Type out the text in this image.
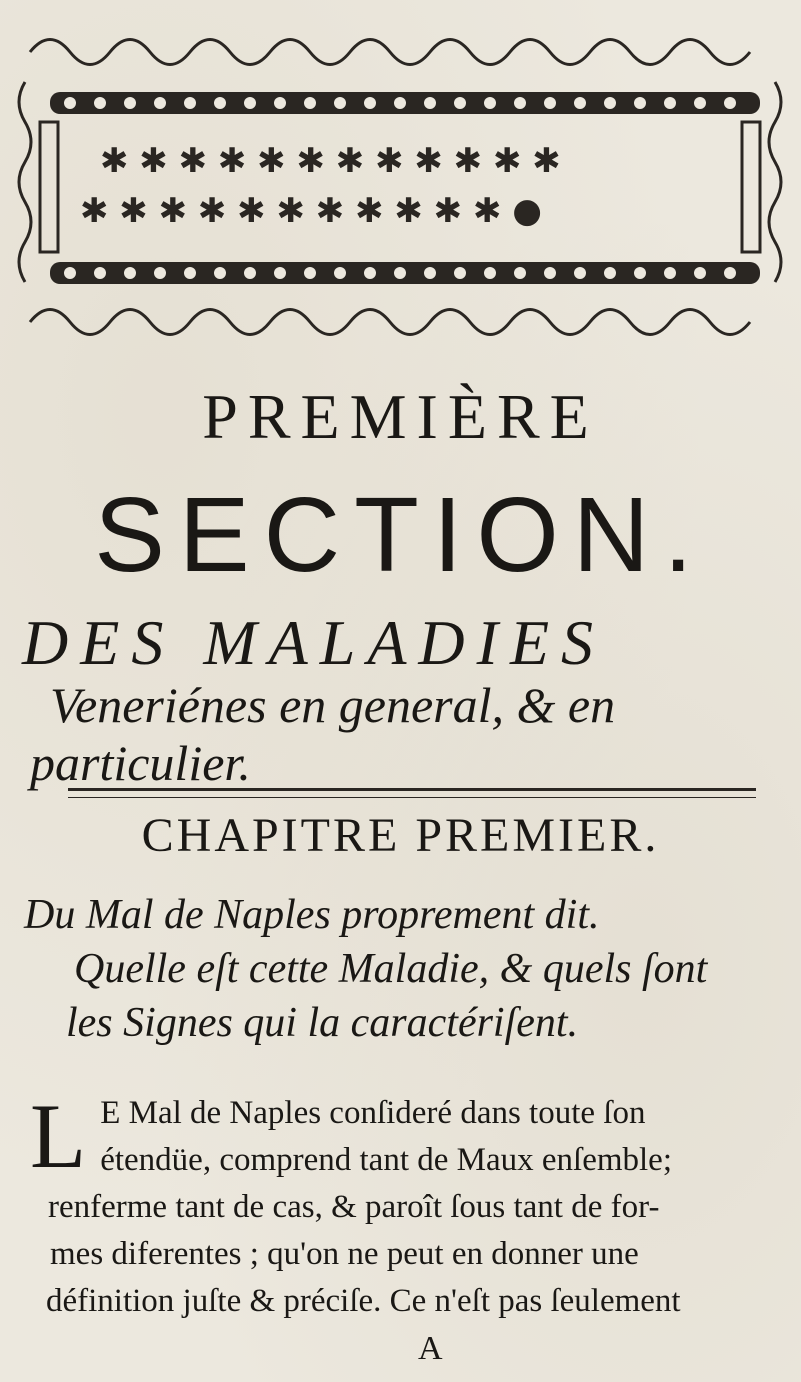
✱ ✱ ✱ ✱ ✱ ✱ ✱ ✱ ✱ ✱ ✱ ✱
✱ ✱ ✱ ✱ ✱ ✱ ✱ ✱ ✱ ✱ ✱ ●
PREMIÈRE
SECTION.
DES MALADIES
Veneriénes en general, & en
particulier.
CHAPITRE PREMIER.
Du Mal de Naples proprement dit.
Quelle eſt cette Maladie, & quels ſont
les Signes qui la caractériſent.
L E Mal de Naples conſideré dans toute ſon
étendüe, comprend tant de Maux enſemble;
renferme tant de cas, & paroît ſous tant de for-
mes diferentes ; qu'on ne peut en donner une
définition juſte & préciſe. Ce n'eſt pas ſeulement
A
